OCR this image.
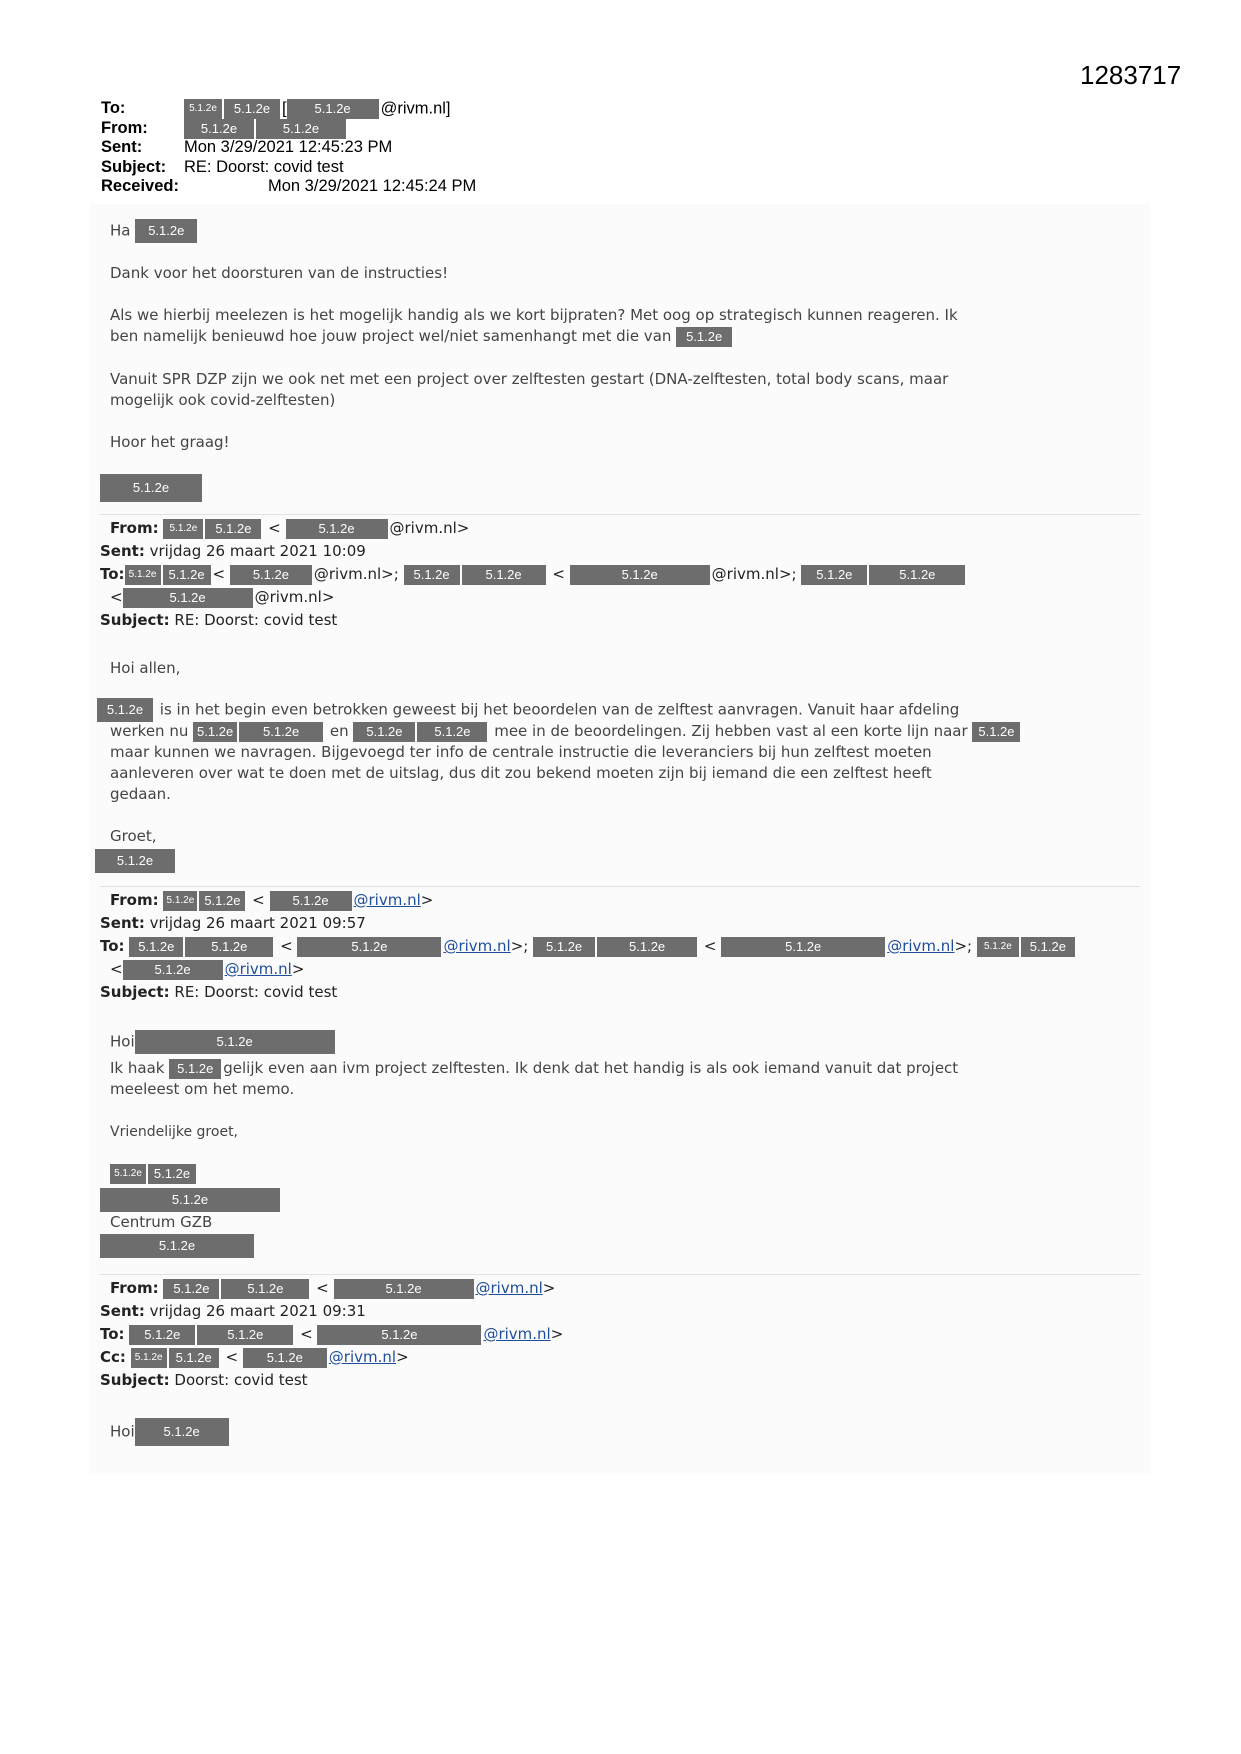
1283717
To:	5.1.2e 5.1.2e [ 5.1.2e @rivm.nl]
From:	5.1.2e	5.1.2e
Sent:	Mon 3/29/2021 12:45:23 PM
Subject: RE: Doorst: covid test
Received:	Mon 3/29/2021 12:45:24 PM
Ha 5.1.2e
Dank voor het doorsturen van de instructies!

Als we hierbij meelezen is het mogelijk handig als we kort bijpraten? Met oog op strategisch kunnen reageren. Ik

ben namelijk benieuwd hoe jouw project wel/niet samenhangt met die van 5.1.2e

Vanuit SPR DZP zijn we ook net met een project over zelftesten gestart (DNA-zelftesten, total body scans, maar

mogelijk ook covid-zelftesten)

Hoor het graag!
5.1.2e
From: 5.1.2e 5.1.2e <	5.1.2e @rivm.nl>
Sent: vrijdag 26 maart 2021 10:09
To: 5.1.2e 5.1.2e < 5.1.2e @rivm.nl>; 5.1.2e	5.1.2e <	5.1.2e	@rivm.nl>; 5.1.2e	5.1.2e
<	5.1.2e	@rivm.nl>
Subject: RE: Doorst: covid test
Hoi allen,
5.1.2e is in het begin even betrokken geweest bij het beoordelen van de zelftest aanvragen. Vanuit haar afdeling
werken nu 5.1.2e 5.1.2e en 5.1.2e 5.1.2e mee in de beoordelingen. Zij hebben vast al een korte lijn naar 5.1.2e
maar kunnen we navragen. Bijgevoegd ter info de centrale instructie die leveranciers bij hun zelftest moeten
aanleveren over wat te doen met de uitslag, dus dit zou bekend moeten zijn bij iemand die een zelftest heeft
gedaan.
Groet,
5.1.2e
From: 5.1.2e 5.1.2e < 5.1.2e @rivm.nl>
Sent: vrijdag 26 maart 2021 09:57
To: 5.1.2e	5.1.2e <	5.1.2e	@rivm.nl>; 5.1.2e	5.1.2e <	5.1.2e	@rivm.nl>; 5.1.2e 5.1.2e
< 5.1.2e @rivm.nl>
Subject: RE: Doorst: covid test
Hoi	5.1.2e
Ik haak 5.1.2e gelijk even aan ivm project zelftesten. Ik denk dat het handig is als ook iemand vanuit dat project
meeleest om het memo.
Vriendelijke groet,
5.1.2e 5.1.2e
5.1.2e
Centrum GZB
5.1.2e
From: 5.1.2e	5.1.2e <	5.1.2e	@rivm.nl>
Sent: vrijdag 26 maart 2021 09:31
To: 5.1.2e	5.1.2e <	5.1.2e	@rivm.nl>
Cc: 5.1.2e 5.1.2e < 5.1.2e @rivm.nl>
Subject: Doorst: covid test
Hoi 5.1.2e
